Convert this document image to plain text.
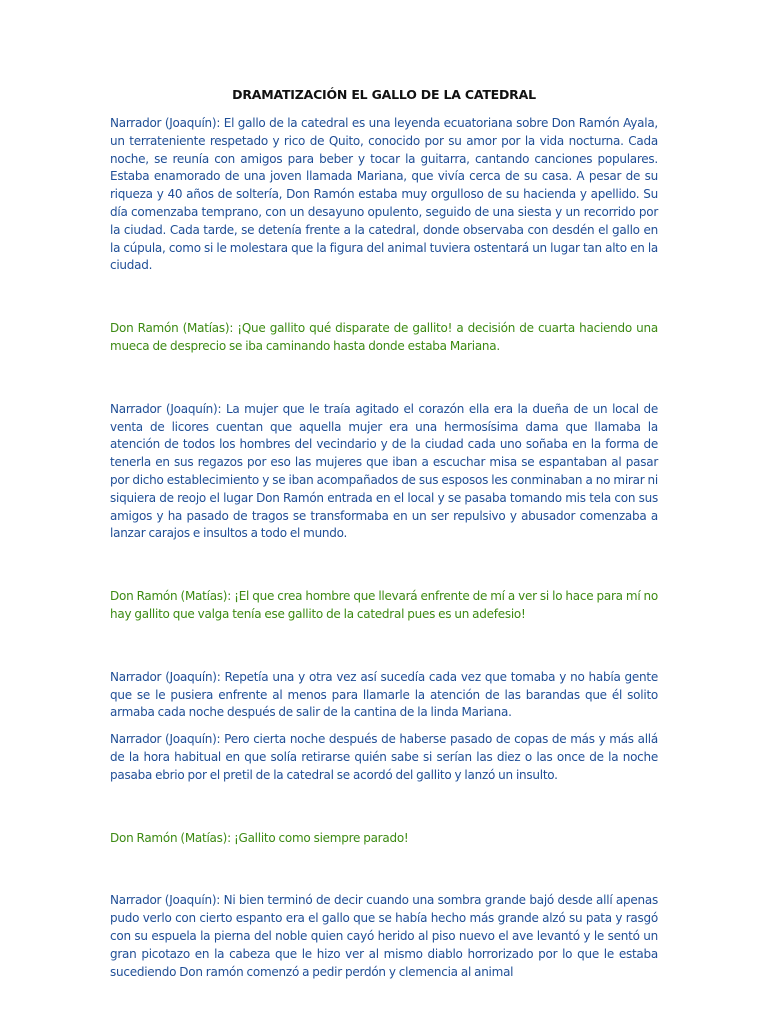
DRAMATIZACIÓN EL GALLO DE LA CATEDRAL

Narrador (Joaquín): El gallo de la catedral es una leyenda ecuatoriana sobre Don Ramón Ayala, un terrateniente respetado y rico de Quito, conocido por su amor por la vida nocturna. Cada noche, se reunía con amigos para beber y tocar la guitarra, cantando canciones populares. Estaba enamorado de una joven llamada Mariana, que vivía cerca de su casa. A pesar de su riqueza y 40 años de soltería, Don Ramón estaba muy orgulloso de su hacienda y apellido. Su día comenzaba temprano, con un desayuno opulento, seguido de una siesta y un recorrido por la ciudad. Cada tarde, se detenía frente a la catedral, donde observaba con desdén el gallo en la cúpula, como si le molestara que la figura del animal tuviera ostentará un lugar tan alto en la ciudad.

Don Ramón (Matías): ¡Que gallito qué disparate de gallito! a decisión de cuarta haciendo una mueca de desprecio se iba caminando hasta donde estaba Mariana.

Narrador (Joaquín): La mujer que le traía agitado el corazón ella era la dueña de un local de venta de licores cuentan que aquella mujer era una hermosísima dama que llamaba la atención de todos los hombres del vecindario y de la ciudad cada uno soñaba en la forma de tenerla en sus regazos por eso las mujeres que iban a escuchar misa se espantaban al pasar por dicho establecimiento y se iban acompañados de sus esposos les conminaban a no mirar ni siquiera de reojo el lugar Don Ramón entrada en el local y se pasaba tomando mis tela con sus amigos y ha pasado de tragos se transformaba en un ser repulsivo y abusador comenzaba a lanzar carajos e insultos a todo el mundo.

Don Ramón (Matías): ¡El que crea hombre que llevará enfrente de mí a ver si lo hace para mí no hay gallito que valga tenía ese gallito de la catedral pues es un adefesio!

Narrador (Joaquín): Repetía una y otra vez así sucedía cada vez que tomaba y no había gente que se le pusiera enfrente al menos para llamarle la atención de las barandas que él solito armaba cada noche después de salir de la cantina de la linda Mariana.

Narrador (Joaquín): Pero cierta noche después de haberse pasado de copas de más y más allá de la hora habitual en que solía retirarse quién sabe si serían las diez o las once de la noche pasaba ebrio por el pretil de la catedral se acordó del gallito y lanzó un insulto.

Don Ramón (Matías): ¡Gallito como siempre parado!

Narrador (Joaquín): Ni bien terminó de decir cuando una sombra grande bajó desde allí apenas pudo verlo con cierto espanto era el gallo que se había hecho más grande alzó su pata y rasgó con su espuela la pierna del noble quien cayó herido al piso nuevo el ave levantó y le sentó un gran picotazo en la cabeza que le hizo ver al mismo diablo horrorizado por lo que le estaba sucediendo Don ramón comenzó a pedir perdón y clemencia al animal
